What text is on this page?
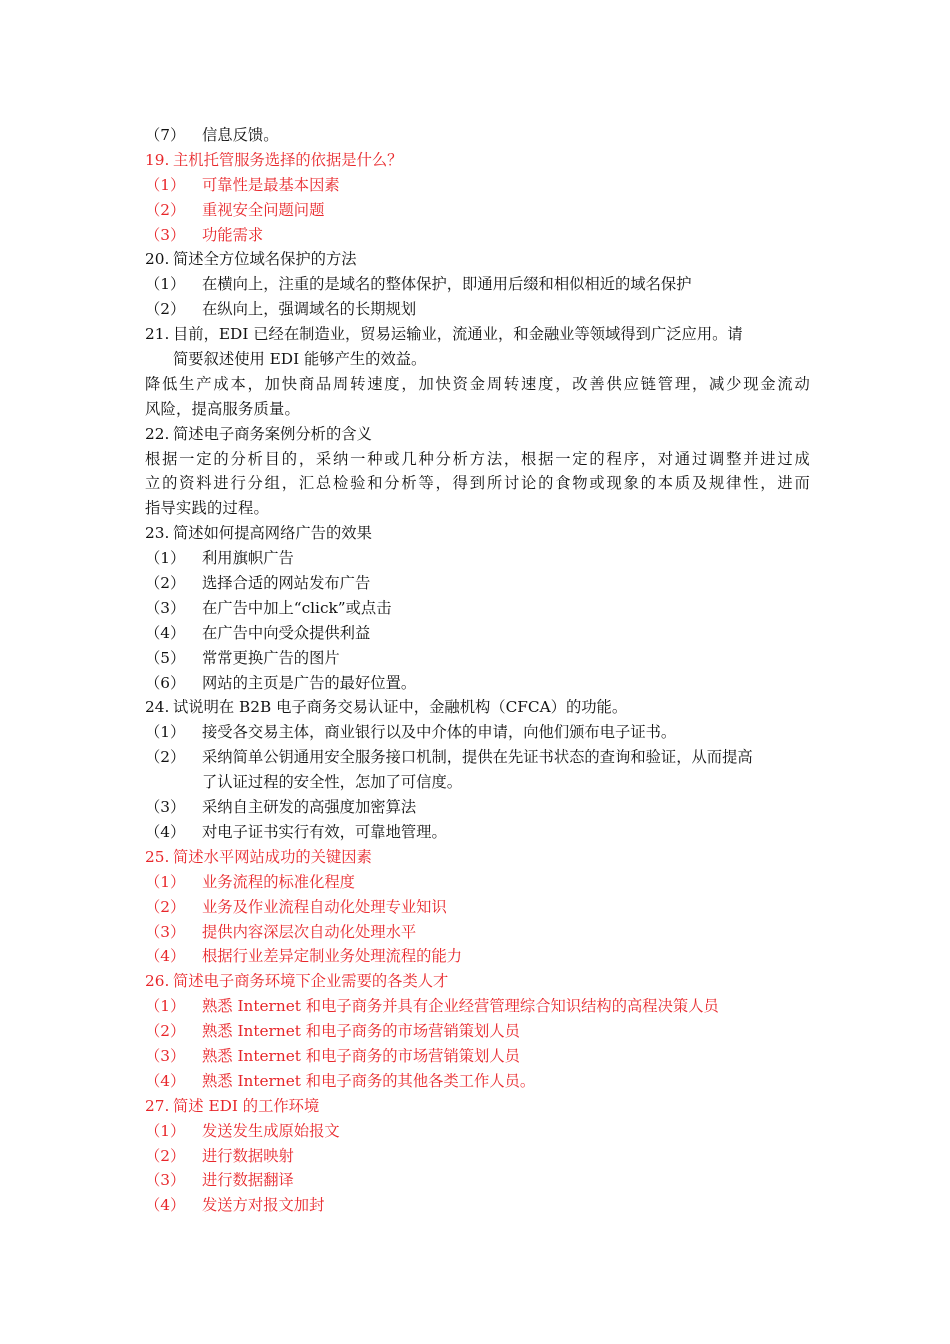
（7）	信息反馈。
19. 主机托管服务选择的依据是什么？
（1）	可靠性是最基本因素
（2）	重视安全问题问题
（3）	功能需求
20. 简述全方位域名保护的方法
（1）	在横向上，注重的是域名的整体保护，即通用后缀和相似相近的域名保护
（2）	在纵向上，强调域名的长期规划
21. 目前，EDI 已经在制造业，贸易运输业，流通业，和金融业等领域得到广泛应用。请
简要叙述使用 EDI 能够产生的效益。
降低生产成本，加快商品周转速度，加快资金周转速度，改善供应链管理，减少现金流动
风险，提高服务质量。
22. 简述电子商务案例分析的含义
根据一定的分析目的，采纳一种或几种分析方法，根据一定的程序，对通过调整并进过成
立的资料进行分组，汇总检验和分析等，得到所讨论的食物或现象的本质及规律性，进而
指导实践的过程。
23. 简述如何提高网络广告的效果
（1）	利用旗帜广告
（2）	选择合适的网站发布广告
（3）	在广告中加上“click”或点击
（4）	在广告中向受众提供利益
（5）	常常更换广告的图片
（6）	网站的主页是广告的最好位置。
24. 试说明在 B2B 电子商务交易认证中，金融机构（CFCA）的功能。
（1）	接受各交易主体，商业银行以及中介体的申请，向他们颁布电子证书。
（2）	采纳简单公钥通用安全服务接口机制，提供在先证书状态的查询和验证，从而提高
了认证过程的安全性，怎加了可信度。
（3）	采纳自主研发的高强度加密算法
（4）	对电子证书实行有效，可靠地管理。
25. 简述水平网站成功的关键因素
（1）	业务流程的标准化程度
（2）	业务及作业流程自动化处理专业知识
（3）	提供内容深层次自动化处理水平
（4）	根据行业差异定制业务处理流程的能力
26. 简述电子商务环境下企业需要的各类人才
（1）	熟悉 Internet 和电子商务并具有企业经营管理综合知识结构的高程决策人员
（2）	熟悉 Internet 和电子商务的市场营销策划人员
（3）	熟悉 Internet 和电子商务的市场营销策划人员
（4）	熟悉 Internet 和电子商务的其他各类工作人员。
27. 简述 EDI 的工作环境
（1）	发送发生成原始报文
（2）	进行数据映射
（3）	进行数据翻译
（4）	发送方对报文加封
